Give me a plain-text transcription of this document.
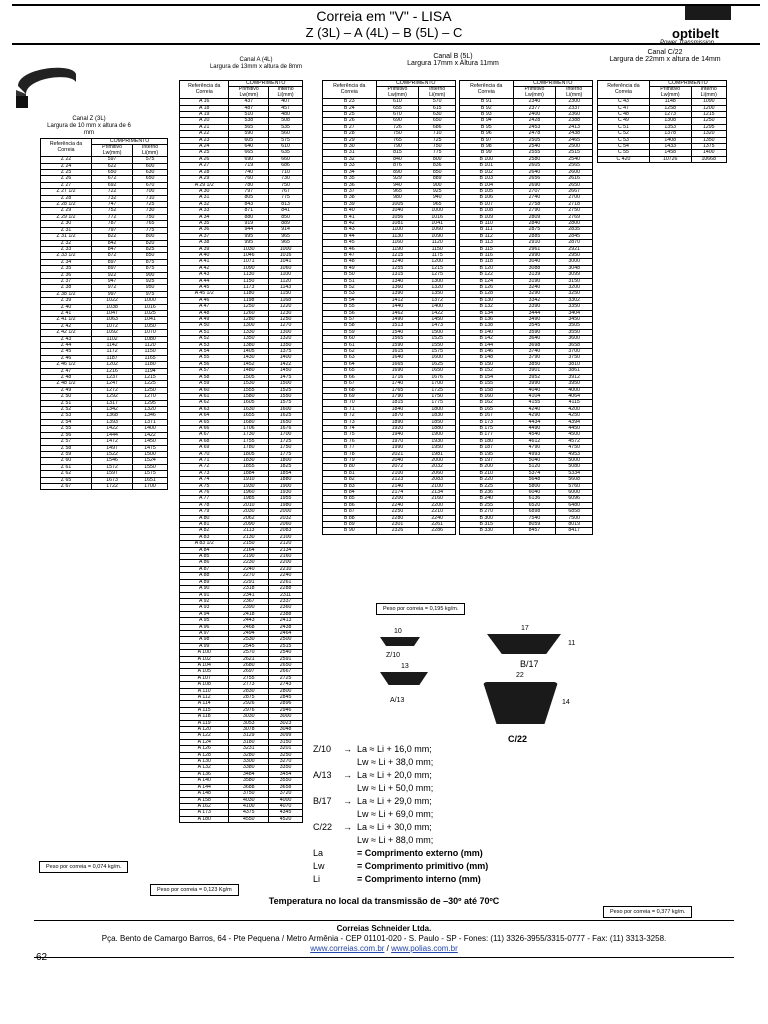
Correia em "V" - LISA
Z (3L) – A (4L) – B (5L) – C	optibelt
Power Transmission
Canal Z (3L)
Largura de 10 mm x altura de 6 mm
Canal A (4L)
Largura de 13mm x altura de 8mm
Canal B (5L)
Largura 17mm x Altura 11mm
Canal C/22
Largura de 22mm x altura de 14mm
Referência da Correia	COMPRIMENTO	
	Primitivo Lw(mm)	Interno Li(mm)
Z 22	597	575
Z 24	622	600
Z 25	650	630
Z 26	672	650
Z 27	692	670
Z 27 1/2	722	700
Z 28	732	710
Z 28 1/2	747	725
Z 29	752	730
Z 29 1/2	772	750
Z 30	787	765
Z 31	797	775
Z 31 1/2	822	800
Z 32	842	820
Z 33	847	825
Z 33 1/2	872	850
Z 34	897	875
Z 35	897	875
Z 36	922	900
Z 37	947	925
Z 38	972	950
Z 38 1/2	997	975
Z 39	1022	1000
Z 40	1038	1016
Z 41	1047	1025
Z 41 1/2	1063	1041
Z 42	1072	1050
Z 42 1/2	1092	1070
Z 43	1102	1080
Z 44	1142	1120
Z 45	1172	1150
Z 46	1187	1165
Z 46 1/2	1202	1180
Z 47	1216	1194
Z 48	1237	1215
Z 48 1/2	1247	1225
Z 49	1272	1250
Z 50	1292	1270
Z 51	1317	1295
Z 52	1342	1320
Z 53	1368	1346
Z 54	1393	1371
Z 55	1422	1400
Z 56	1444	1422
Z 57	1472	1450
Z 58	1497	1475
Z 59	1522	1500
Z 60	1546	1524
Z 61	1572	1550
Z 62	1597	1575
Z 65	1673	1651
Z 67	1722	1700
Referência da Correia	COMPRIMENTO	
	Primitivo Lw(mm)	Interno Li(mm)
A 16	437	407
A 18	487	457
A 19	510	480
A 20	538	508
A 21	565	535
A 22	590	560
A 23	605	575
A 24	640	610
A 25	665	635
A 26	690	660
A 27	719	686
A 28	740	710
A 29	760	730
A 29 1/2	780	750
A 30	797	767
A 31	805	775
A 32	843	813
A 33	871	841
A 34	880	850
A 35	919	889
A 36	944	914
A 37	995	965
A 38	995	965
A 39	1030	1000
A 40	1046	1016
A 41	1071	1041
A 42	1090	1060
A 43	1130	1100
A 44	1150	1120
A 45	1173	1143
A 45 1/2	1180	1150
A 46	1198	1168
A 47	1250	1220
A 48	1260	1230
A 49	1280	1250
A 50	1300	1270
A 51	1330	1300
A 52	1350	1320
A 53	1380	1350
A 54	1405	1375
A 55	1430	1400
A 56	1452	1422
A 57	1480	1450
A 58	1505	1475
A 59	1530	1500
A 60	1555	1525
A 61	1580	1550
A 62	1605	1575
A 63	1630	1600
A 64	1655	1625
A 65	1680	1650
A 66	1706	1676
A 67	1730	1700
A 68	1755	1725
A 69	1780	1750
A 70	1805	1775
A 71	1830	1800
A 72	1855	1825
A 73	1884	1854
A 74	1910	1880
A 75	1930	1900
A 76	1960	1930
A 77	1985	1955
A 78	2010	1980
A 79	2030	2000
A 80	2062	2032
A 81	2090	2060
A 82	2113	2083
A 83	2130	2100
A 83 1/2	2150	2120
A 84	2164	2134
A 85	2190	2160
A 86	2230	2200
A 87	2240	2210
A 88	2270	2240
A 89	2291	2261
A 90	2318	2288
A 91	2341	2311
A 92	2367	2337
A 93	2390	2360
A 94	2418	2388
A 95	2443	2413
A 96	2468	2438
A 97	2494	2464
A 98	2530	2500
A 99	2545	2515
A 100	2570	2540
A 102	2621	2591
A 104	2680	2650
A 105	2697	2667
A 107	2755	2725
A 108	2773	2743
A 110	2830	2800
A 112	2875	2845
A 114	2926	2896
A 115	2976	2946
A 118	3030	3000
A 119	3053	3023
A 120	3078	3048
A 122	3129	3099
A 124	3180	3150
A 126	3231	3201
A 128	3280	3250
A 130	3300	3270
A 132	3380	3350
A 136	3484	3454
A 140	3580	3550
A 144	3688	3658
A 148	3750	3720
A 158	4030	4000
A 162	4100	4070
A 173	4375	4345
A 180	4550	4520
Referência da Correia	COMPRIMENTO	
	Primitivo Lw(mm)	Interno Li(mm)
B 23	610	570
B 24	655	615
B 25	670	630
B 26	690	650
B 27	726	686
B 28	750	710
B 29	765	725
B 30	790	750
B 31	815	775
B 32	840	800
B 33	876	836
B 34	890	850
B 35	929	889
B 36	940	900
B 37	965	925
B 38	980	940
B 39	1005	965
B 40	1040	1000
B 41	1056	1016
B 42	1081	1041
B 43	1100	1060
B 44	1130	1090
B 45	1160	1120
B 46	1190	1150
B 47	1215	1175
B 48	1240	1200
B 49	1255	1215
B 50	1315	1275
B 51	1340	1300
B 52	1360	1320
B 53	1390	1350
B 54	1412	1372
B 55	1440	1400
B 56	1462	1422
B 57	1490	1450
B 58	1513	1473
B 59	1540	1500
B 60	1565	1525
B 61	1590	1550
B 62	1615	1575
B 63	1640	1600
B 64	1665	1625
B 65	1690	1650
B 66	1716	1676
B 67	1740	1700
B 68	1765	1725
B 69	1790	1750
B 70	1815	1775
B 71	1840	1800
B 72	1870	1830
B 73	1890	1850
B 74	1920	1880
B 75	1940	1900
B 76	1970	1930
B 77	1990	1950
B 78	2021	1981
B 79	2040	2000
B 80	2072	2032
B 81	2100	2060
B 82	2123	2083
B 83	2140	2100
B 84	2174	2134
B 85	2200	2160
B 86	2240	2200
B 87	2250	2210
B 88	2280	2240
B 89	2301	2261
B 90	2326	2286
Referência da Correia	COMPRIMENTO	
	Primitivo Lw(mm)	Interno Li(mm)
B 91	2340	2300
B 92	2377	2337
B 93	2400	2360
B 94	2428	2388
B 95	2453	2413
B 96	2478	2438
B 97	2505	2465
B 98	2540	2500
B 99	2555	2515
B 100	2580	2540
B 101	2605	2565
B 102	2640	2600
B 103	2656	2616
B 104	2690	2650
B 105	2707	2667
B 106	2740	2700
B 107	2758	2718
B 108	2790	2750
B 109	2809	2769
B 110	2840	2800
B 111	2875	2835
B 112	2885	2845
B 113	2910	2870
B 115	2961	2921
B 116	2990	2950
B 118	3040	3000
B 120	3088	3048
B 122	3139	3099
B 124	3190	3150
B 126	3240	3200
B 128	3290	3250
B 130	3342	3302
B 132	3390	3350
B 134	3444	3404
B 136	3490	3450
B 138	3545	3505
B 140	3590	3550
B 142	3640	3600
B 144	3698	3658
B 146	3740	3700
B 148	3790	3750
B 150	3850	3810
B 152	3901	3861
B 154	3952	3912
B 155	3990	3950
B 158	4040	4000
B 160	4104	4064
B 162	4155	4115
B 165	4240	4200
B 167	4290	4250
B 173	4434	4394
B 175	4490	4450
B 177	4540	4500
B 180	4612	4572
B 187	4790	4750
B 195	4993	4953
B 197	5040	5000
B 200	5120	5080
B 210	5374	5334
B 220	5648	5608
B 225	5800	5760
B 236	6040	6000
B 240	6136	6096
B 255	6520	6480
B 270	6898	6858
B 300	7540	7500
B 315	8059	8019
B 330	8457	8417
Referência da Correia	COMPRIMENTO	
	Primitivo Lw(mm)	Interno Li(mm)
C 43	1148	1090
C 47	1258	1200
C 48	1273	1215
C 49	1308	1250
C 51	1353	1295
C 52	1378	1320
C 53	1408	1350
C 54	1433	1375
C 55	1458	1400
C 420	10726	10668
Peso por correia = 0,074 kg/m.
Peso por correia = 0,123 Kg/m
Peso por correia = 0,195 kg/m.
Peso por correia = 0,377 kg/m.
10
Z/10
13
A/13
17
11
B/17
22
14
C/22
Z/10	→ La ≈ Li + 16,0 mm;
Lw ≈ Li + 38,0 mm;
A/13	→ La ≈ Li + 20,0 mm;
Lw ≈ Li + 50,0 mm;
B/17	→ La ≈ Li + 29,0 mm;
Lw ≈ Li + 69,0 mm;
C/22	→ La ≈ Li + 30,0 mm;
Lw ≈ Li + 88,0 mm;
La	= Comprimento externo (mm)
Lw	= Comprimento primitivo (mm)
Li	= Comprimento interno (mm)
Temperatura no local da transmissão de –30º até 70ºC
Correias Schneider Ltda.
Pça. Bento de Camargo Barros, 64 - Pte Pequena / Metro Armênia - CEP 01101-020 - S. Paulo - SP - Fones: (11) 3326-3955/3315-0777 - Fax: (11) 3313-3258.
www.correias.com.br / www.polias.com.br
62
